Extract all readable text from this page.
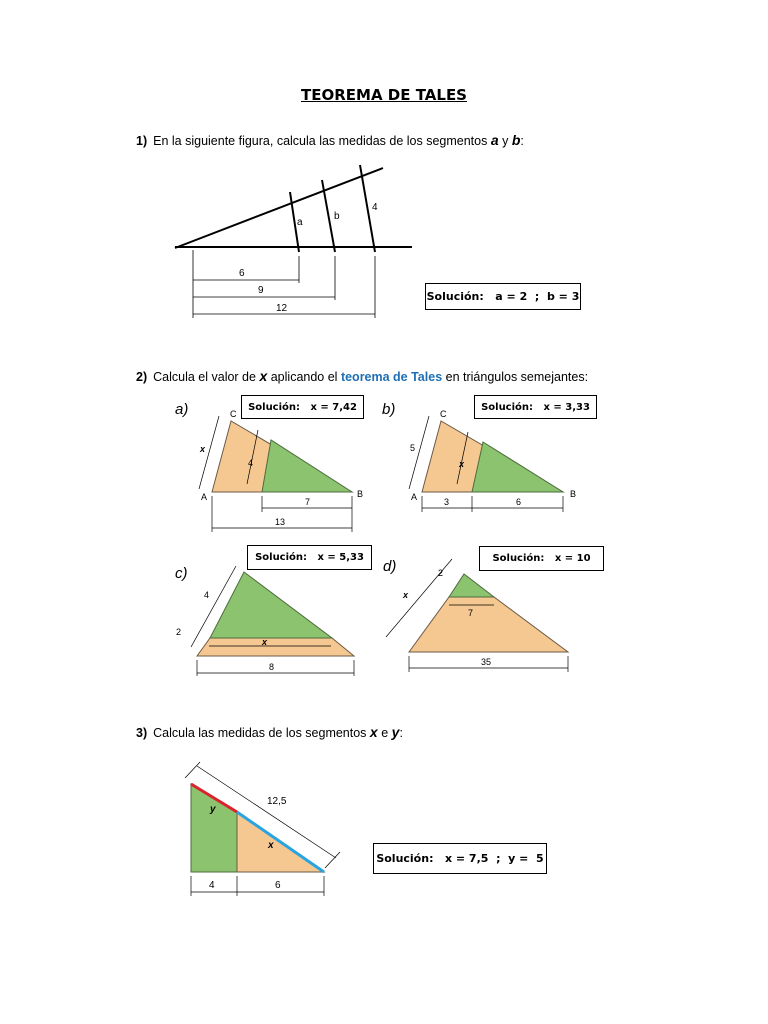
TEOREMA DE TALES
1) En la siguiente figura, calcula las medidas de los segmentos a y b:
a
b
4
6
9
12
Solución:   a = 2  ;  b = 3
2) Calcula el valor de x aplicando el teorema de Tales en triángulos semejantes:
a)	C
A	B
x
4
7
13
b)	C
A	B
5
x
3	6
c)
4
2
x
8
d)	2
x
7
35
Solución:   x = 7,42	Solución:   x = 3,33
Solución:   x = 5,33	Solución:   x = 10
3) Calcula las medidas de los segmentos x e y:
y
x
12,5
4	6
Solución:   x = 7,5  ;  y =  5
